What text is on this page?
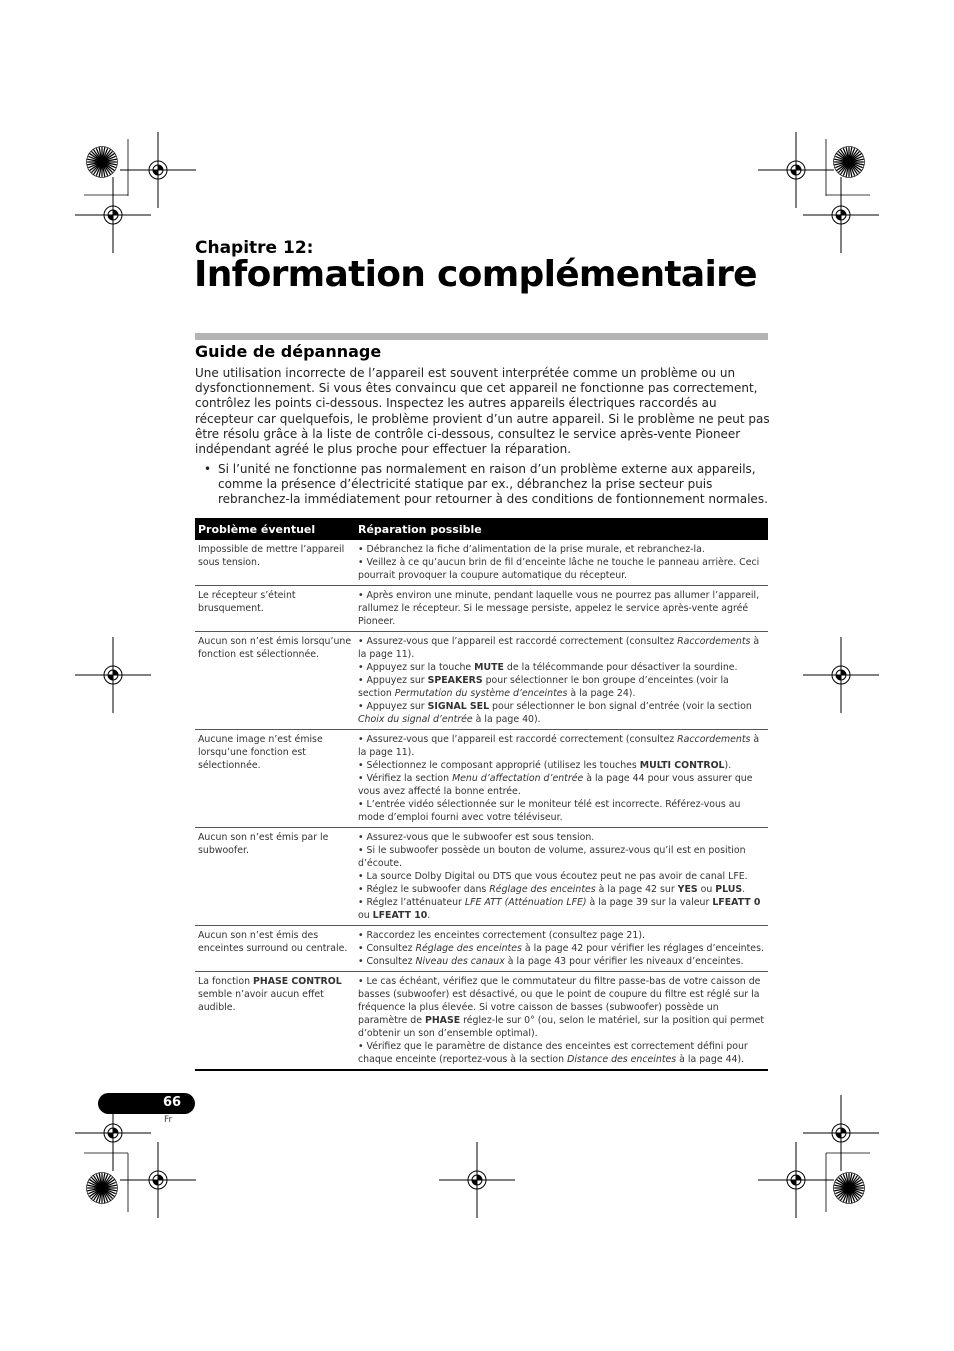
Chapitre 12:
Information complémentaire
Guide de dépannage

Une utilisation incorrecte de l’appareil est souvent interprétée comme un problème ou un dysfonctionnement. Si vous êtes convaincu que cet appareil ne fonctionne pas correctement, contrôlez les points ci-dessous. Inspectez les autres appareils électriques raccordés au récepteur car quelquefois, le problème provient d’un autre appareil. Si le problème ne peut pas être résolu grâce à la liste de contrôle ci-dessous, consultez le service après-vente Pioneer indépendant agréé le plus proche pour effectuer la réparation.

• Si l’unité ne fonctionne pas normalement en raison d’un problème externe aux appareils, comme la présence d’électricité statique par ex., débranchez la prise secteur puis rebranchez-la immédiatement pour retourner à des conditions de fontionnement normales.

Problème éventuel	Réparation possible
Impossible de mettre l’appareil sous tension.	• Débranchez la fiche d’alimentation de la prise murale, et rebranchez-la.
• Veillez à ce qu’aucun brin de fil d’enceinte lâche ne touche le panneau arrière. Ceci pourrait provoquer la coupure automatique du récepteur.

Le récepteur s’éteint brusquement.	• Après environ une minute, pendant laquelle vous ne pourrez pas allumer l’appareil, rallumez le récepteur. Si le message persiste, appelez le service après-vente agréé Pioneer.

Aucun son n’est émis lorsqu’une fonction est sélectionnée.	• Assurez-vous que l’appareil est raccordé correctement (consultez Raccordements à la page 11).
• Appuyez sur la touche MUTE de la télécommande pour désactiver la sourdine.
• Appuyez sur SPEAKERS pour sélectionner le bon groupe d’enceintes (voir la section Permutation du système d’enceintes à la page 24).
• Appuyez sur SIGNAL SEL pour sélectionner le bon signal d’entrée (voir la section Choix du signal d’entrée à la page 40).

Aucune image n’est émise lorsqu’une fonction est sélectionnée.	• Assurez-vous que l’appareil est raccordé correctement (consultez Raccordements à la page 11).
• Sélectionnez le composant approprié (utilisez les touches MULTI CONTROL).
• Vérifiez la section Menu d’affectation d’entrée à la page 44 pour vous assurer que vous avez affecté la bonne entrée.
• L’entrée vidéo sélectionnée sur le moniteur télé est incorrecte. Référez-vous au mode d’emploi fourni avec votre téléviseur.

Aucun son n’est émis par le subwoofer.	• Assurez-vous que le subwoofer est sous tension.
• Si le subwoofer possède un bouton de volume, assurez-vous qu’il est en position d’écoute.
• La source Dolby Digital ou DTS que vous écoutez peut ne pas avoir de canal LFE.
• Réglez le subwoofer dans Réglage des enceintes à la page 42 sur YES ou PLUS.
• Réglez l’atténuateur LFE ATT (Atténuation LFE) à la page 39 sur la valeur LFEATT 0 ou LFEATT 10.

Aucun son n’est émis des enceintes surround ou centrale.	• Raccordez les enceintes correctement (consultez page 21).
• Consultez Réglage des enceintes à la page 42 pour vérifier les réglages d’enceintes.
• Consultez Niveau des canaux à la page 43 pour vérifier les niveaux d’enceintes.

La fonction PHASE CONTROL semble n’avoir aucun effet audible.	• Le cas échéant, vérifiez que le commutateur du filtre passe-bas de votre caisson de basses (subwoofer) est désactivé, ou que le point de coupure du filtre est réglé sur la fréquence la plus élevée. Si votre caisson de basses (subwoofer) possède un paramètre de PHASE réglez-le sur 0° (ou, selon le matériel, sur la position qui permet d’obtenir un son d’ensemble optimal).
• Vérifiez que le paramètre de distance des enceintes est correctement défini pour chaque enceinte (reportez-vous à la section Distance des enceintes à la page 44).
66
Fr
